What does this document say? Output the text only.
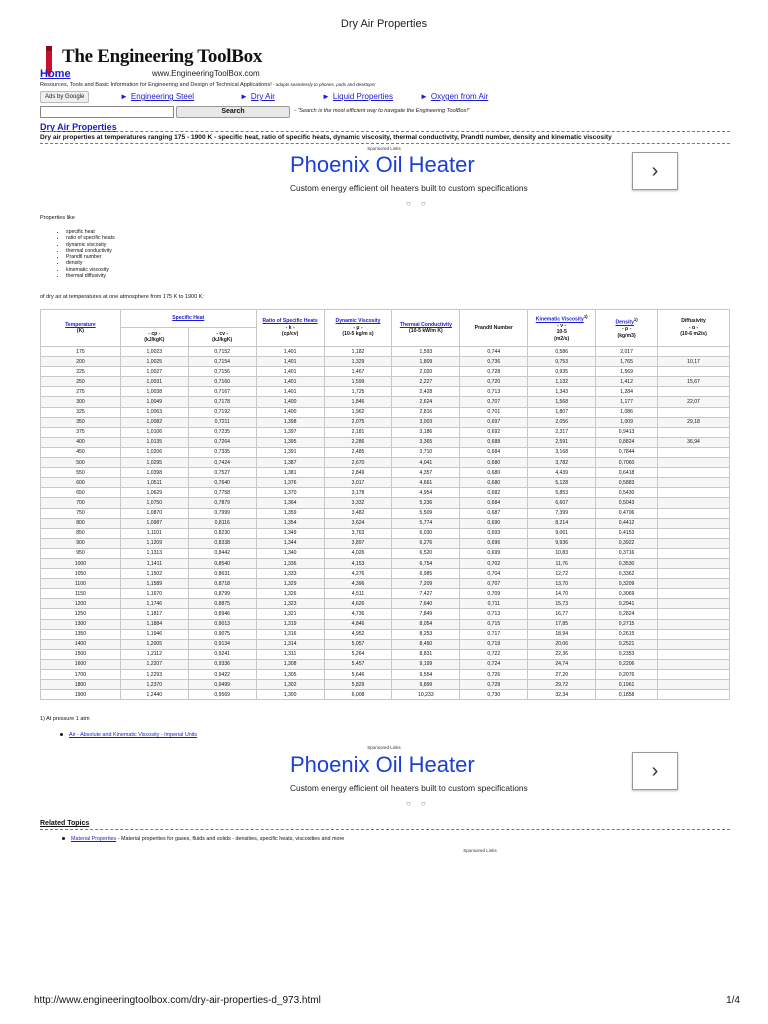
Dry Air Properties
The Engineering ToolBox
Home	www.EngineeringToolBox.com
Resources, Tools and Basic Information for Engineering and Design of Technical Applications! - adapts seamlessly to phones, pads and desktops!
Ads by Google	► Engineering Steel	► Dry Air	► Liquid Properties	► Oxygen from Air
Search	- "Search is the most efficient way to navigate the Engineering ToolBox!"
Dry Air Properties
Dry air properties at temperatures ranging 175 - 1900 K - specific heat, ratio of specific heats, dynamic viscosity, thermal conductivity, Prandtl number, density and kinematic viscosity
Sponsored Links
Phoenix Oil Heater
Custom energy efficient oil heaters built to custom specifications
○ ○
›
Properties like
• specific heat
• ratio of specific heats
• dynamic viscosity
• thermal conductivity
• Prandtl number
• density
• kinematic viscosity
• thermal diffusivity
of dry air at temperatures at one atmosphere from 175 K to 1900 K:
Temperature
(K)	Specific Heat		Ratio of Specific Heats
- k -
(cp/cv)	Dynamic Viscosity
- μ -
(10-5 kg/m s)	Thermal Conductivity
(10-5 kW/m K)	Prandtl Number	Kinematic Viscosity$^{1)}$
- ν -
10-5
(m2/s)	Density$^{1)}$
- ρ -
(kg/m3)	Diffusivity
- α -
(10-6 m2/s)
	- cp -
(kJ/kgK)	- cv -
(kJ/kgK)							
175	1,0023	0,7152	1,401	1,182	1,593	0,744	0,586	2,017	
200	1,0025	0,7154	1,401	1,329	1,809	0,736	0,753	1,765	10,17
225	1,0027	0,7156	1,401	1,467	2,020	0,728	0,935	1,569	
250	1,0031	0,7160	1,401	1,599	2,227	0,720	1,132	1,412	15,67
275	1,0038	0,7167	1,401	1,725	2,428	0,713	1,343	1,284	
300	1,0049	0,7178	1,400	1,846	2,624	0,707	1,568	1,177	22,07
325	1,0063	0,7192	1,400	1,962	2,816	0,701	1,807	1,086	
350	1,0082	0,7211	1,398	2,075	3,003	0,697	2,056	1,009	29,18
375	1,0106	0,7235	1,397	2,181	3,186	0,692	2,317	0,9413	
400	1,0135	0,7264	1,395	2,286	3,365	0,688	2,591	0,8824	36,94
450	1,0206	0,7335	1,391	2,485	3,710	0,684	3,168	0,7844	
500	1,0295	0,7424	1,387	2,670	4,041	0,680	3,782	0,7060	
550	1,0398	0,7527	1,381	2,849	4,357	0,680	4,439	0,6418	
600	1,0511	0,7640	1,376	3,017	4,661	0,680	5,128	0,5883	
650	1,0629	0,7758	1,370	3,178	4,954	0,682	5,853	0,5430	
700	1,0750	0,7879	1,364	3,332	5,236	0,684	6,607	0,5043	
750	1,0870	0,7999	1,359	3,482	5,509	0,687	7,399	0,4706	
800	1,0987	0,8116	1,354	3,624	5,774	0,690	8,214	0,4412	
850	1,1101	0,8230	1,349	3,763	6,030	0,693	9,061	0,4153	
900	1,1209	0,8338	1,344	3,897	6,276	0,696	9,936	0,3922	
950	1,1313	0,8442	1,340	4,026	6,520	0,699	10,83	0,3716	
1000	1,1411	0,8540	1,336	4,153	6,754	0,702	11,76	0,3530	
1050	1,1502	0,8631	1,333	4,276	6,985	0,704	12,72	0,3362	
1100	1,1589	0,8718	1,329	4,396	7,209	0,707	13,70	0,3209	
1150	1,1670	0,8799	1,326	4,511	7,427	0,709	14,70	0,3069	
1200	1,1746	0,8875	1,323	4,626	7,640	0,711	15,73	0,2941	
1250	1,1817	0,8946	1,321	4,736	7,849	0,713	16,77	0,2824	
1300	1,1884	0,9013	1,319	4,846	8,054	0,715	17,85	0,2715	
1350	1,1946	0,9075	1,316	4,952	8,253	0,717	18,94	0,2615	
1400	1,2005	0,9134	1,314	5,057	8,450	0,719	20,06	0,2521	
1500	1,2112	0,9241	1,311	5,264	8,831	0,722	22,36	0,2353	
1600	1,2207	0,9336	1,308	5,457	9,199	0,724	24,74	0,2206	
1700	1,2293	0,9422	1,305	5,646	9,554	0,726	27,20	0,2076	
1800	1,2370	0,9499	1,302	5,829	9,899	0,728	29,72	0,1961	
1900	1,2440	0,9569	1,300	6,008	10,233	0,730	32,34	0,1858	
1) At pressure 1 atm
Air - Absolute and Kinematic Viscosity - Imperial Units
Sponsored Links
Phoenix Oil Heater
Custom energy efficient oil heaters built to custom specifications
○ ○
›
Related Topics
Material Properties - Material properties for gases, fluids and solids - densities, specific heats, viscosities and more
Sponsored Links
http://www.engineeringtoolbox.com/dry-air-properties-d_973.html	1/4
